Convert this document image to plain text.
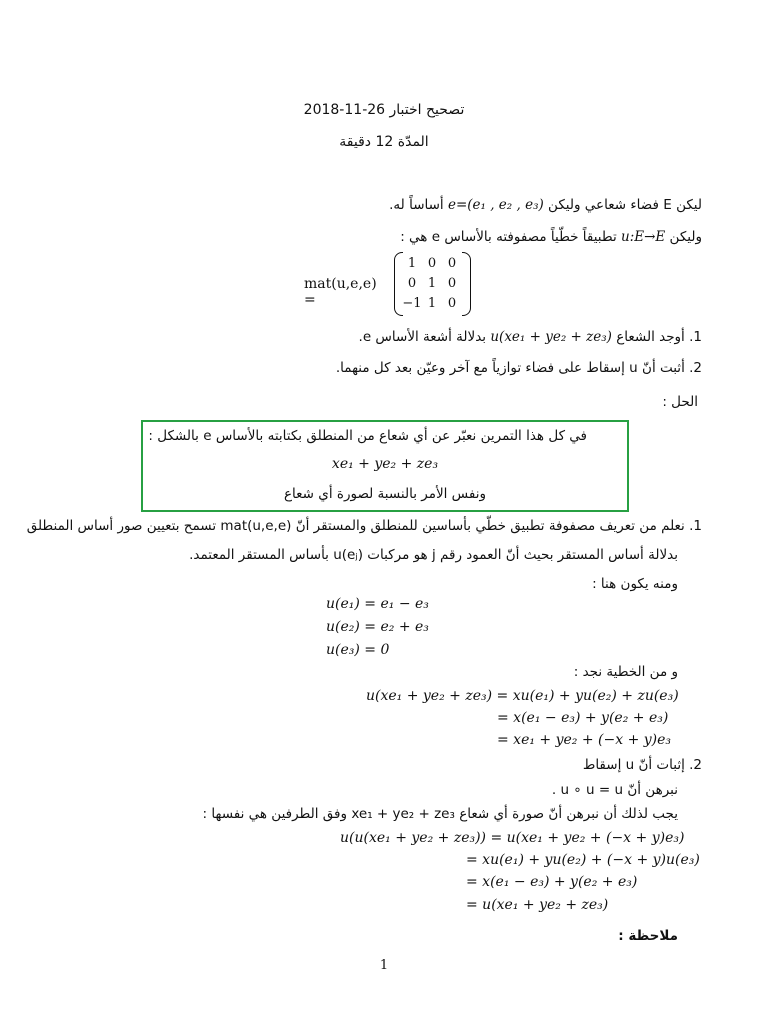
تصحيح اختبار 26-11-2018
المدّة 12 دقيقة
ليكن E فضاء شعاعي وليكن e=(e₁ , e₂ , e₃) أساساً له.
وليكن u:E→E تطبيقاً خطّياً مصفوفته بالأساس e هي :
mat(u,e,e) =
1 0 0
0 1 0
−1 1 0
1. أوجد الشعاع u(xe₁ + ye₂ + ze₃) بدلالة أشعة الأساس e.
2. أثبت أنّ u إسقاط على فضاء توازياً مع آخر وعيّن بعد كل منهما.
الحل :
في كل هذا التمرين نعبّر عن أي شعاع من المنطلق بكتابته بالأساس e بالشكل :
xe₁ + ye₂ + ze₃
ونفس الأمر بالنسبة لصورة أي شعاع
1. نعلم من تعريف مصفوفة تطبيق خطّي بأساسين للمنطلق والمستقر أنّ mat(u,e,e) تسمح بتعيين صور أساس المنطلق
بدلالة أساس المستقر بحيث أنّ العمود رقم j هو مركبات u(eⱼ) بأساس المستقر المعتمد.
ومنه يكون هنا :
u(e₁) = e₁ − e₃
u(e₂) = e₂ + e₃
u(e₃) = 0
و من الخطية نجد :
u(xe₁ + ye₂ + ze₃) = xu(e₁) + yu(e₂) + zu(e₃)
= x(e₁ − e₃) + y(e₂ + e₃)
= xe₁ + ye₂ + (−x + y)e₃
2. إثبات أنّ u إسقاط
نبرهن أنّ u ∘ u = u .
يجب لذلك أن نبرهن أنّ صورة أي شعاع xe₁ + ye₂ + ze₃ وفق الطرفين هي نفسها :
u(u(xe₁ + ye₂ + ze₃)) = u(xe₁ + ye₂ + (−x + y)e₃)
= xu(e₁) + yu(e₂) + (−x + y)u(e₃)
= x(e₁ − e₃) + y(e₂ + e₃)
= u(xe₁ + ye₂ + ze₃)
ملاحظة :
1
